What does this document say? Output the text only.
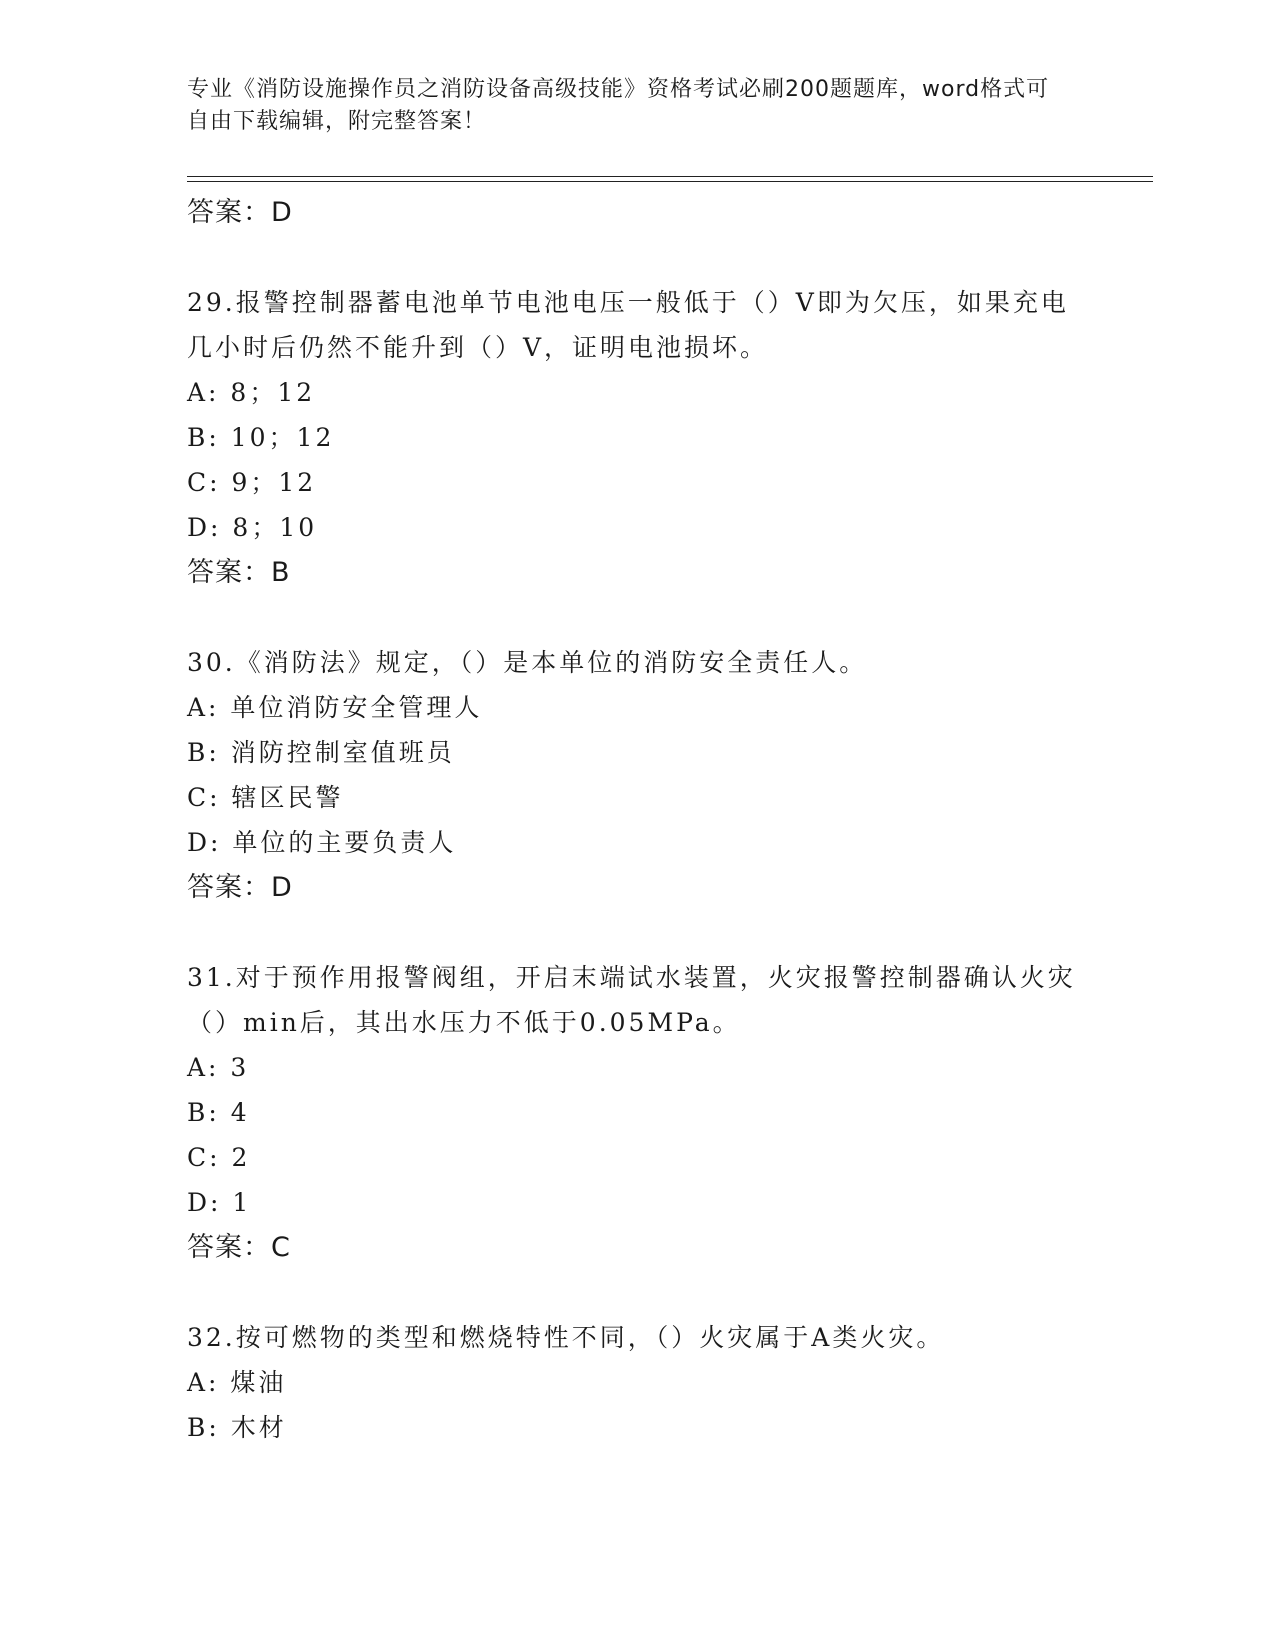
专业《消防设施操作员之消防设备高级技能》资格考试必刷200题题库，word格式可自由下载编辑，附完整答案！
答案：D
29.报警控制器蓄电池单节电池电压一般低于（）V即为欠压，如果充电几小时后仍然不能升到（）V，证明电池损坏。
A: 8；12
B: 10；12
C: 9；12
D: 8；10
答案：B
30.《消防法》规定，（）是本单位的消防安全责任人。
A: 单位消防安全管理人
B: 消防控制室值班员
C: 辖区民警
D: 单位的主要负责人
答案：D
31.对于预作用报警阀组，开启末端试水装置，火灾报警控制器确认火灾（）min后，其出水压力不低于0.05MPa。
A: 3
B: 4
C: 2
D: 1
答案：C
32.按可燃物的类型和燃烧特性不同，（）火灾属于A类火灾。
A: 煤油
B: 木材
